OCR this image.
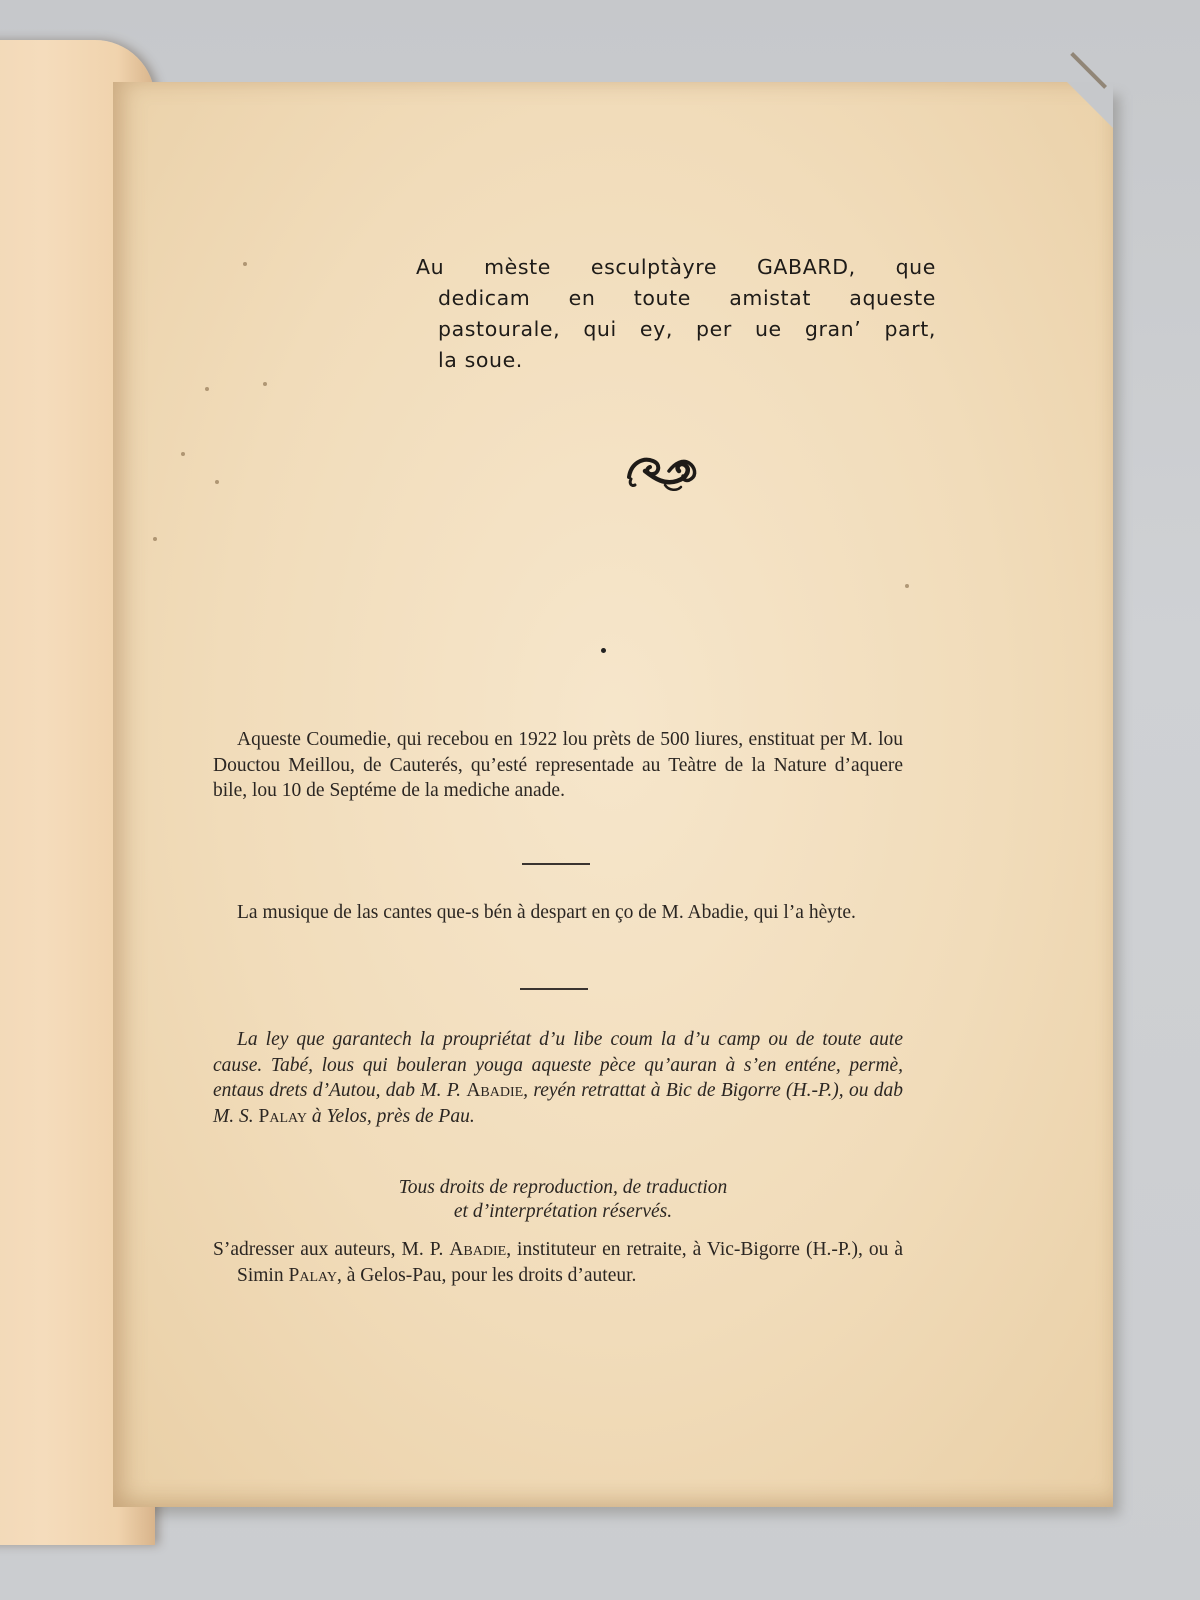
Au mèste esculptàyre GABARD, que
dedicam en toute amistat aqueste
pastourale, qui ey, per ue gran’ part,
la soue.

Aqueste Coumedie, qui recebou en 1922 lou prèts de 500 liures, enstituat per M. lou Douctou Meillou, de Cauterés, qu’esté representade au Teàtre de la Nature d’aquere bile, lou 10 de Septéme de la mediche anade.

La musique de las cantes que-s bén à despart en ço de M. Abadie, qui l’a hèyte.

La ley que garantech la proupriétat d’u libe coum la d’u camp ou de toute aute cause. Tabé, lous qui bouleran youga aqueste pèce qu’auran à s’en enténe, permè, entaus drets d’Autou, dab M. P. Abadie, reyén retrattat à Bic de Bigorre (H.-P.), ou dab M. S. Palay à Yelos, près de Pau.

Tous droits de reproduction, de traduction
et d’interprétation réservés.

S’adresser aux auteurs, M. P. Abadie, instituteur en retraite, à Vic-Bigorre (H.-P.), ou à Simin Palay, à Gelos-Pau, pour les droits d’auteur.
